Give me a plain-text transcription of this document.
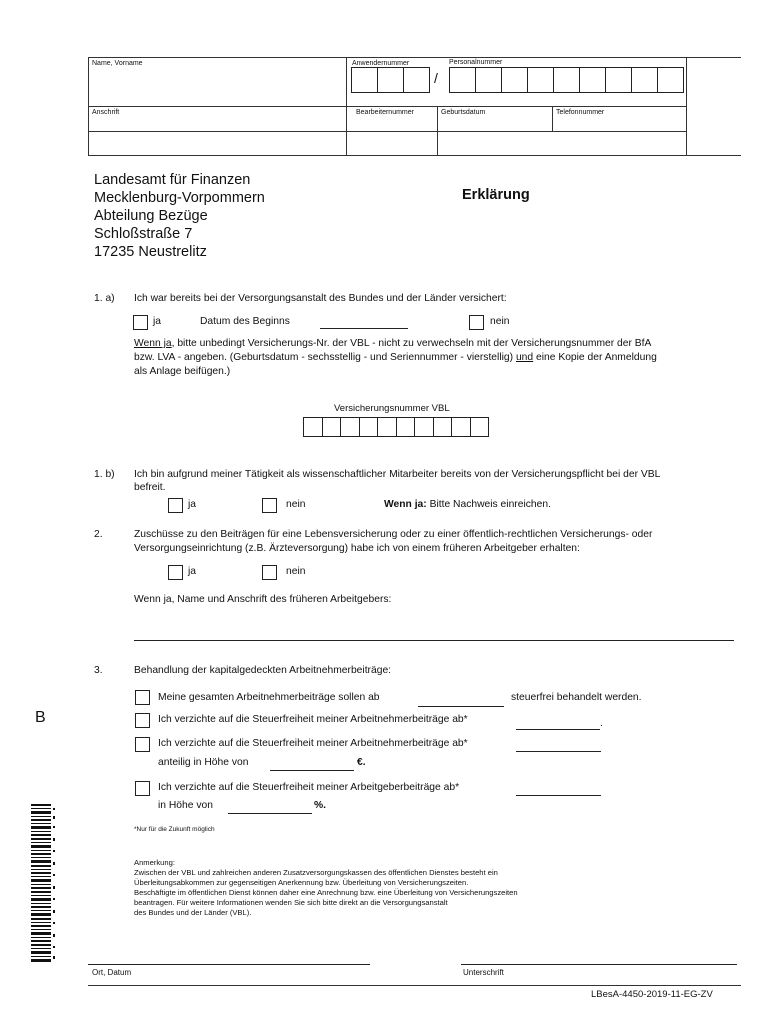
Name, Vorname	Anwendernummer	Personalnummer
/
Anschrift	Bearbeiternummer	Geburtsdatum	Telefonnummer
Landesamt für Finanzen
Mecklenburg-Vorpommern
Abteilung Bezüge
Schloßstraße 7
17235 Neustrelitz
Erklärung
1. a) Ich war bereits bei der Versorgungsanstalt des Bundes und der Länder versichert:
ja	Datum des Beginns	nein
Wenn ja, bitte unbedingt Versicherungs-Nr. der VBL - nicht zu verwechseln mit der Versicherungsnummer der BfA
bzw. LVA - angeben. (Geburtsdatum - sechsstellig - und Seriennummer - vierstellig) und eine Kopie der Anmeldung
als Anlage beifügen.)
Versicherungsnummer VBL
1. b) Ich bin aufgrund meiner Tätigkeit als wissenschaftlicher Mitarbeiter bereits von der Versicherungspflicht bei der VBL
befreit.
ja	nein	Wenn ja: Bitte Nachweis einreichen.
2.	Zuschüsse zu den Beiträgen für eine Lebensversicherung oder zu einer öffentlich-rechtlichen Versicherungs- oder
Versorgungseinrichtung (z.B. Ärzteversorgung) habe ich von einem früheren Arbeitgeber erhalten:
ja	nein
Wenn ja, Name und Anschrift des früheren Arbeitgebers:
3.	Behandlung der kapitalgedeckten Arbeitnehmerbeiträge:
Meine gesamten Arbeitnehmerbeiträge sollen ab	steuerfrei behandelt werden.
Ich verzichte auf die Steuerfreiheit meiner Arbeitnehmerbeiträge ab*	.
Ich verzichte auf die Steuerfreiheit meiner Arbeitnehmerbeiträge ab*
anteilig in Höhe von	€.
Ich verzichte auf die Steuerfreiheit meiner Arbeitgeberbeiträge ab*
in Höhe von	%.
*Nur für die Zukunft möglich
Anmerkung:
Zwischen der VBL und zahlreichen anderen Zusatzversorgungskassen des öffentlichen Dienstes besteht ein
Überleitungsabkommen zur gegenseitigen Anerkennung bzw. Überleitung von Versicherungszeiten.
Beschäftigte im öffentlichen Dienst können daher eine Anrechnung bzw. eine Überleitung von Versicherungszeiten
beantragen. Für weitere Informationen wenden Sie sich bitte direkt an die Versorgungsanstalt
des Bundes und der Länder (VBL).
Ort, Datum	Unterschrift
LBesA-4450-2019-11-EG-ZV
B
